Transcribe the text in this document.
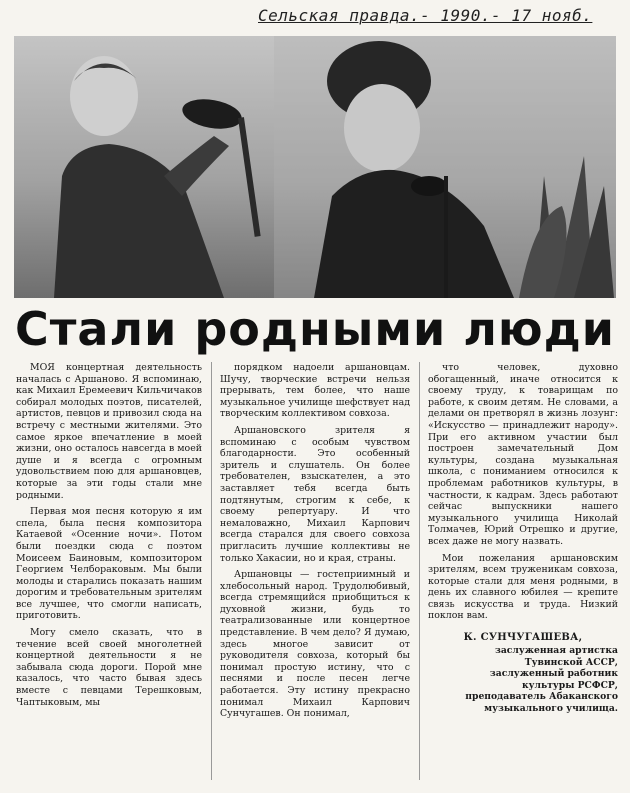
Сельская правда.- 1990.- 17 нояб.
Стали родными люди

МОЯ концертная деятельность началась с Аршаново. Я вспоминаю, как Михаил Еремеевич Кильчичаков собирал молодых поэтов, писателей, артистов, певцов и привозил сюда на встречу с местными жителями. Это самое яркое впечатление в моей жизни, оно осталось навсегда в моей душе и я всегда с огромным удовольствием пою для аршановцев, которые за эти годы стали мне родными.

Первая моя песня которую я им спела, была песня композитора Катаевой «Осенние ночи». Потом были поездки сюда с поэтом Моисеем Баиновым, композитором Георгием Челбораковым. Мы были молоды и старались показать нашим дорогим и требовательным зрителям все лучшее, что смогли написать, приготовить.

Могу смело сказать, что в течение всей своей многолетней концертной деятельности я не забывала сюда дороги. Порой мне казалось, что часто бывая здесь вместе с певцами Терешковым, Чаптыковым, мы

порядком надоели аршановцам. Шучу, творческие встречи нельзя прерывать, тем более, что наше музыкальное училище шефствует над творческим коллективом совхоза.

Аршановского зрителя я вспоминаю с особым чувством благодарности. Это особенный зритель и слушатель. Он более требователен, взыскателен, а это заставляет тебя всегда быть подтянутым, строгим к себе, к своему репертуару. И что немаловажно, Михаил Карпович всегда старался для своего совхоза пригласить лучшие коллективы не только Хакасии, но и края, страны.

Аршановцы — гостеприимный и хлебосольный народ. Трудолюбивый, всегда стремящийся приобщиться к духовной жизни, будь то театрализованные или концертное представление. В чем дело? Я думаю, здесь многое зависит от руководителя совхоза, который бы понимал простую истину, что с песнями и после песен легче работается. Эту истину прекрасно понимал Михаил Карпович Сунчугашев. Он понимал,

что человек, духовно обогащенный, иначе относится к своему труду, к товарищам по работе, к своим детям. Не словами, а делами он претворял в жизнь лозунг: «Искусство — принадлежит народу». При его активном участии был построен замечательный Дом культуры, создана музыкальная школа, с пониманием относился к проблемам работников культуры, в частности, к кадрам. Здесь работают сейчас выпускники нашего музыкального училища Николай Толмачев, Юрий Отрешко и другие, всех даже не могу назвать.

Мои пожелания аршановским зрителям, всем труженикам совхоза, которые стали для меня родными, в день их славного юбилея — крепите связь искусства и труда. Низкий поклон вам.

К. СУНЧУГАШЕВА,
заслуженная артистка
Тувинской АССР,
заслуженный работник
культуры РСФСР,
преподаватель Абаканского
музыкального училища.
